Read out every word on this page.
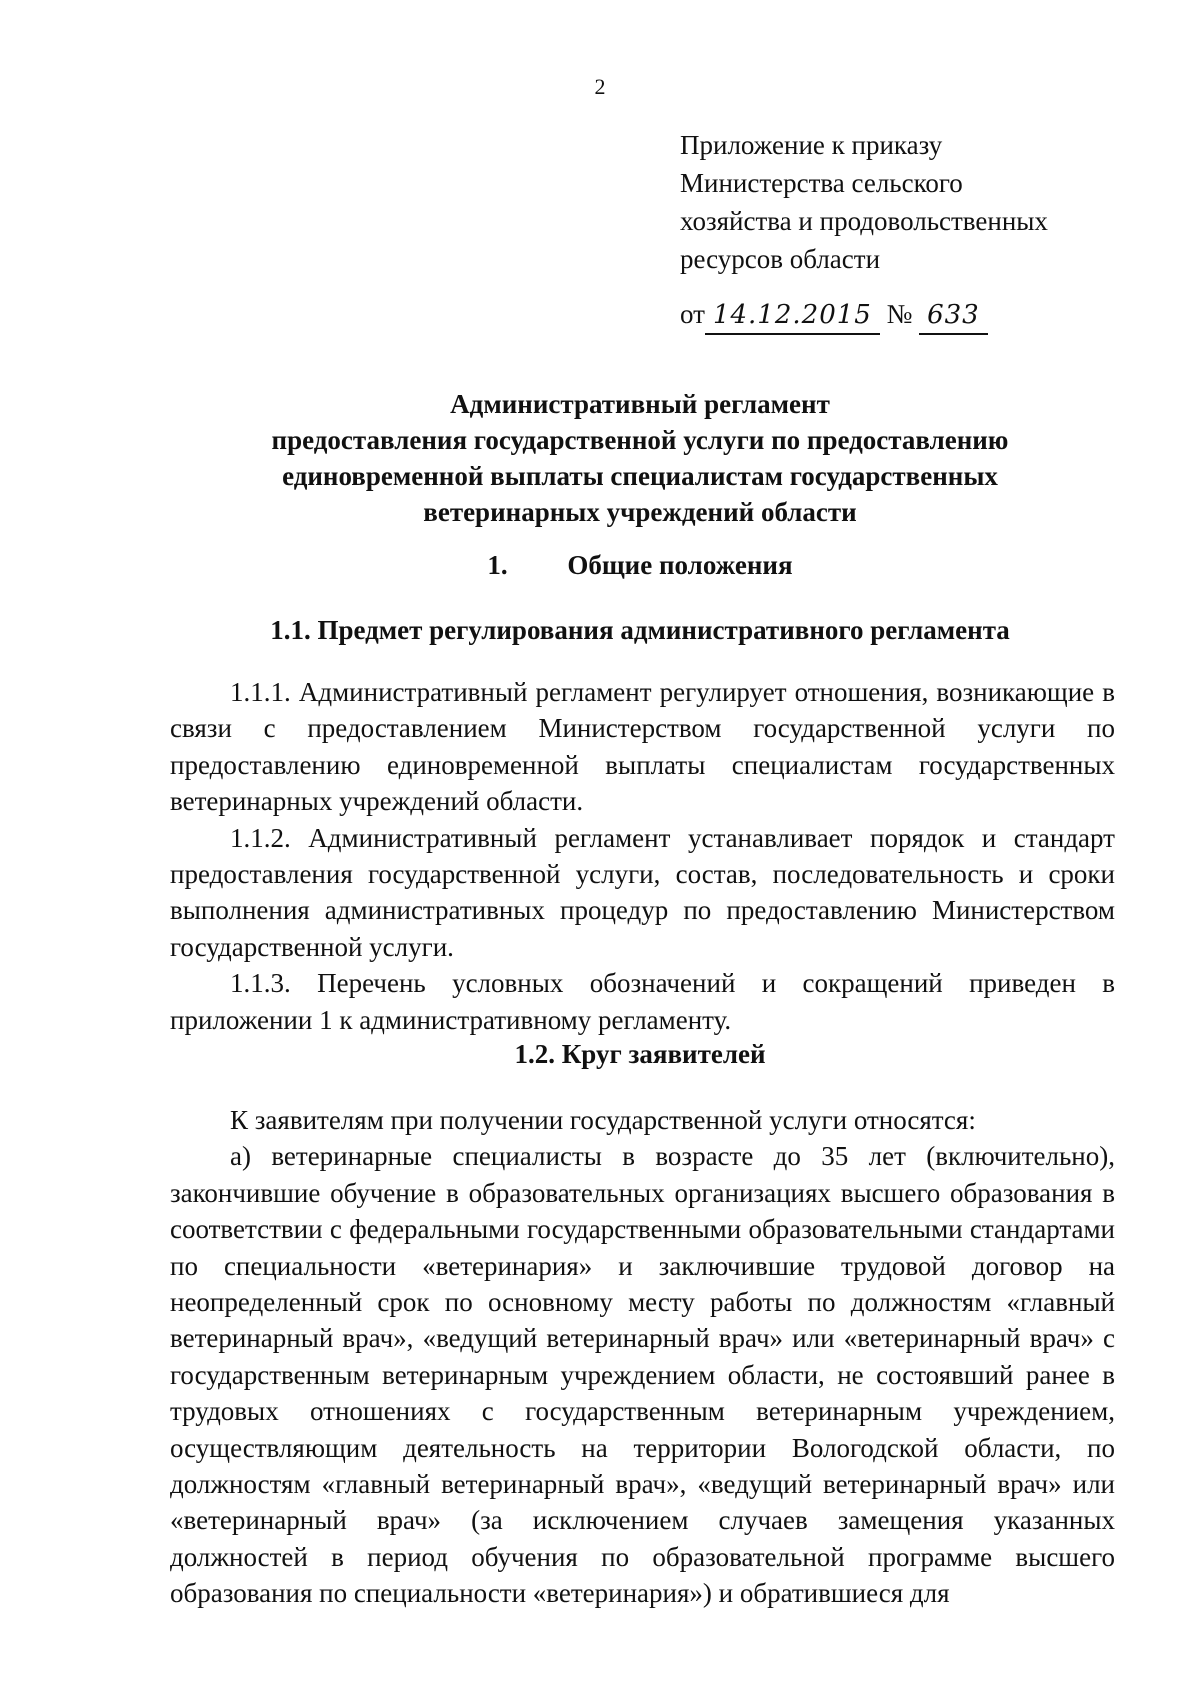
2
Приложение к приказу
Министерства сельского
хозяйства и продовольственных
ресурсов области
от 14.12.2015 № 633
Административный регламент
предоставления государственной услуги по предоставлению
единовременной выплаты специалистам государственных
ветеринарных учреждений области
1. Общие положения
1.1. Предмет регулирования административного регламента

1.1.1. Административный регламент регулирует отношения, возникающие в связи с предоставлением Министерством государственной услуги по предоставлению единовременной выплаты специалистам государственных ветеринарных учреждений области.

1.1.2. Административный регламент устанавливает порядок и стандарт предоставления государственной услуги, состав, последовательность и сроки выполнения административных процедур по предоставлению Министерством государственной услуги.

1.1.3. Перечень условных обозначений и сокращений приведен в приложении 1 к административному регламенту.

1.2. Круг заявителей

К заявителям при получении государственной услуги относятся:

а) ветеринарные специалисты в возрасте до 35 лет (включительно), закончившие обучение в образовательных организациях высшего образования в соответствии с федеральными государственными образовательными стандартами по специальности «ветеринария» и заключившие трудовой договор на неопределенный срок по основному месту работы по должностям «главный ветеринарный врач», «ведущий ветеринарный врач» или «ветеринарный врач» с государственным ветеринарным учреждением области, не состоявший ранее в трудовых отношениях с государственным ветеринарным учреждением, осуществляющим деятельность на территории Вологодской области, по должностям «главный ветеринарный врач», «ведущий ветеринарный врач» или «ветеринарный врач» (за исключением случаев замещения указанных должностей в период обучения по образовательной программе высшего образования по специальности «ветеринария») и обратившиеся для
